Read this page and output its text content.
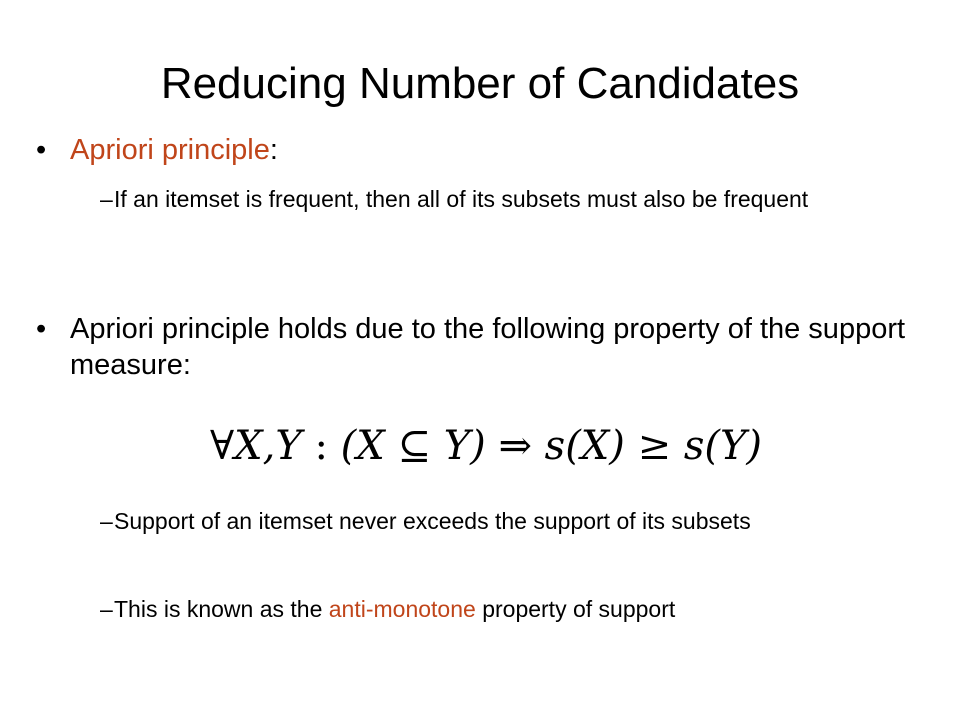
Reducing Number of Candidates
• Apriori principle:
– If an itemset is frequent, then all of its subsets must also be frequent
• Apriori principle holds due to the following property of the support measure:
∀X,Y : (X ⊆ Y) ⇒ s(X) ≥ s(Y)
– Support of an itemset never exceeds the support of its subsets
– This is known as the anti-monotone property of support
